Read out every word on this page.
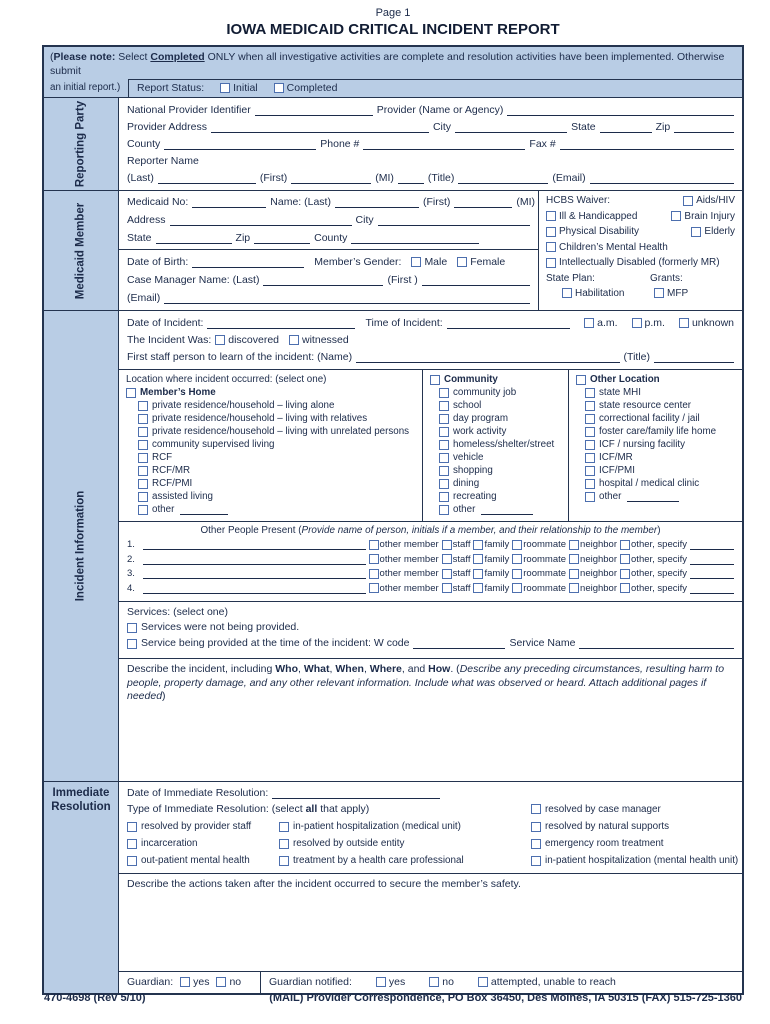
Page 1
IOWA MEDICAID CRITICAL INCIDENT REPORT
(Please note: Select Completed ONLY when all investigative activities are complete and resolution activities have been implemented. Otherwise submit
an initial report.)	Report Status:	Initial	Completed
Reporting Party	National Provider Identifier	Provider (Name or Agency)
Provider Address	City	State	Zip
County	Phone #	Fax #
Reporter Name
(Last)	(First)	(MI)	(Title)	(Email)
Medicaid Member
Medicaid No:	Name: (Last)	(First)	(MI)
Address	City
State	Zip	County
Date of Birth:	Member’s Gender: Male Female
Case Manager Name: (Last)	(First )
(Email)
HCBS Waiver:	Aids/HIV
Ill & Handicapped	Brain Injury
Physical Disability	Elderly
Children’s Mental Health
Intellectually Disabled (formerly MR)
State Plan:	Grants:
Habilitation	MFP
Incident Information
Date of Incident:	Time of Incident:	a.m.	p.m.	unknown
The Incident Was: discovered witnessed
First staff person to learn of the incident: (Name)	(Title)
Location where incident occurred: (select one)
Member’s Home
private residence/household – living alone
private residence/household – living with relatives
private residence/household – living with unrelated persons
community supervised living
RCF
RCF/MR
RCF/PMI
assisted living
other
Community
community job
school
day program
work activity
homeless/shelter/street
vehicle
shopping
dining
recreating
other
Other Location
state MHI
state resource center
correctional facility / jail
foster care/family life home
ICF / nursing facility
ICF/MR
ICF/PMI
hospital / medical clinic
other
Other People Present (Provide name of person, initials if a member, and their relationship to the member)
1.	other member staff family roommate neighbor other, specify
2.	other member staff family roommate neighbor other, specify
3.	other member staff family roommate neighbor other, specify
4.	other member staff family roommate neighbor other, specify
Services: (select one)
Services were not being provided.
Service being provided at the time of the incident: W code	Service Name
Describe the incident, including Who, What, When, Where, and How. (Describe any preceding circumstances, resulting harm to people, property damage, and any other relevant information. Include what was observed or heard. Attach additional pages if needed)
Immediate Resolution
Date of Immediate Resolution:
Type of Immediate Resolution: (select all that apply)	resolved by case manager
resolved by provider staff	in-patient hospitalization (medical unit)	resolved by natural supports
incarceration	resolved by outside entity	emergency room treatment
out-patient mental health	treatment by a health care professional	in-patient hospitalization (mental health unit)
Describe the actions taken after the incident occurred to secure the member’s safety.
Guardian: yes no	Guardian notified:	yes	no	attempted, unable to reach
470-4698 (Rev 5/10)	(MAIL) Provider Correspondence, PO Box 36450, Des Moines, IA 50315 (FAX) 515-725-1360
